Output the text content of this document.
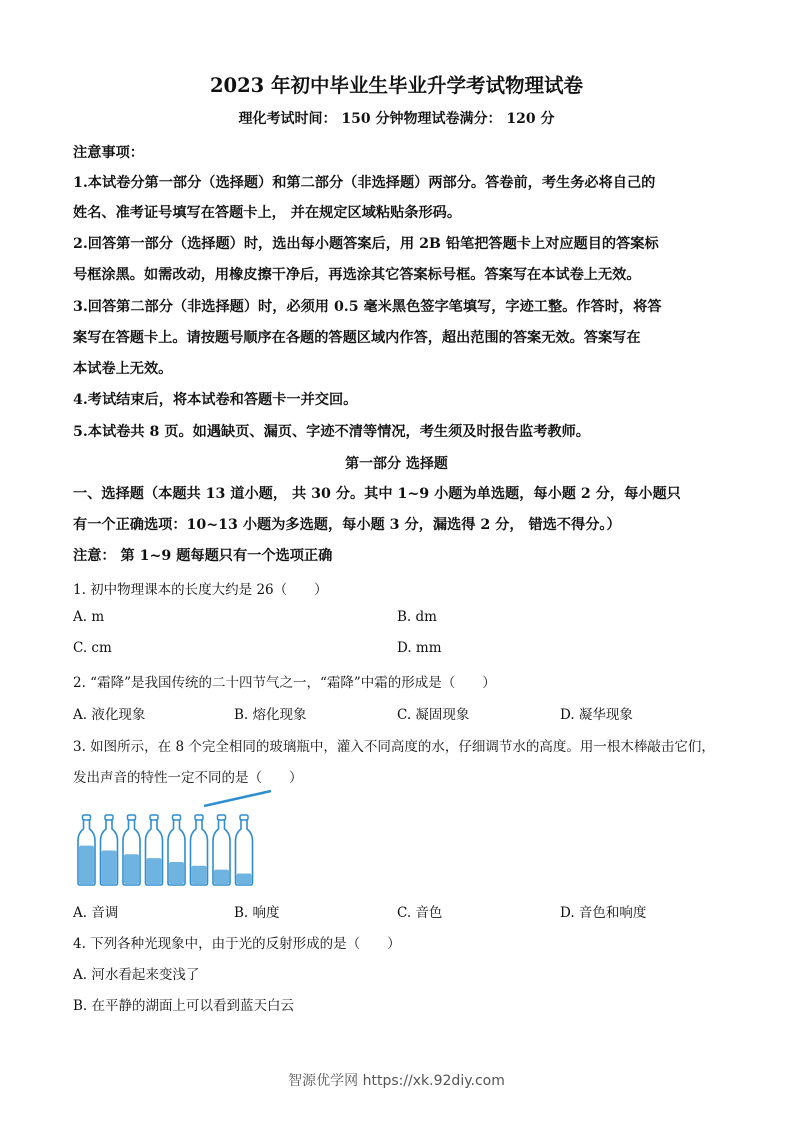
2023 年初中毕业生毕业升学考试物理试卷
理化考试时间： 150 分钟物理试卷满分： 120 分
注意事项：
1.本试卷分第一部分（选择题）和第二部分（非选择题）两部分。答卷前，考生务必将自己的
姓名、准考证号填写在答题卡上， 并在规定区域粘贴条形码。
2.回答第一部分（选择题）时，选出每小题答案后，用 2B 铅笔把答题卡上对应题目的答案标
号框涂黑。如需改动，用橡皮擦干净后，再选涂其它答案标号框。答案写在本试卷上无效。
3.回答第二部分（非选择题）时，必须用 0.5 毫米黑色签字笔填写，字迹工整。作答时，将答
案写在答题卡上。请按题号顺序在各题的答题区域内作答，超出范围的答案无效。答案写在
本试卷上无效。
4.考试结束后，将本试卷和答题卡一并交回。
5.本试卷共 8 页。如遇缺页、漏页、字迹不清等情况，考生须及时报告监考教师。
第一部分 选择题
一、选择题（本题共 13 道小题， 共 30 分。其中 1~9 小题为单选题，每小题 2 分，每小题只
有一个正确选项：10~13 小题为多选题，每小题 3 分，漏选得 2 分， 错选不得分。）
注意： 第 1~9 题每题只有一个选项正确
1. 初中物理课本的长度大约是 26（　　）
A. m	B. dm
C. cm	D. mm
2. “霜降”是我国传统的二十四节气之一，“霜降”中霜的形成是（　　）
A. 液化现象	B. 熔化现象	C. 凝固现象	D. 凝华现象
3. 如图所示，在 8 个完全相同的玻璃瓶中，灌入不同高度的水，仔细调节水的高度。用一根木棒敲击它们，
发出声音的特性一定不同的是（　　）
A. 音调	B. 响度	C. 音色	D. 音色和响度
4. 下列各种光现象中，由于光的反射形成的是（　　）
A. 河水看起来变浅了
B. 在平静的湖面上可以看到蓝天白云
智源优学网 https://xk.92diy.com
